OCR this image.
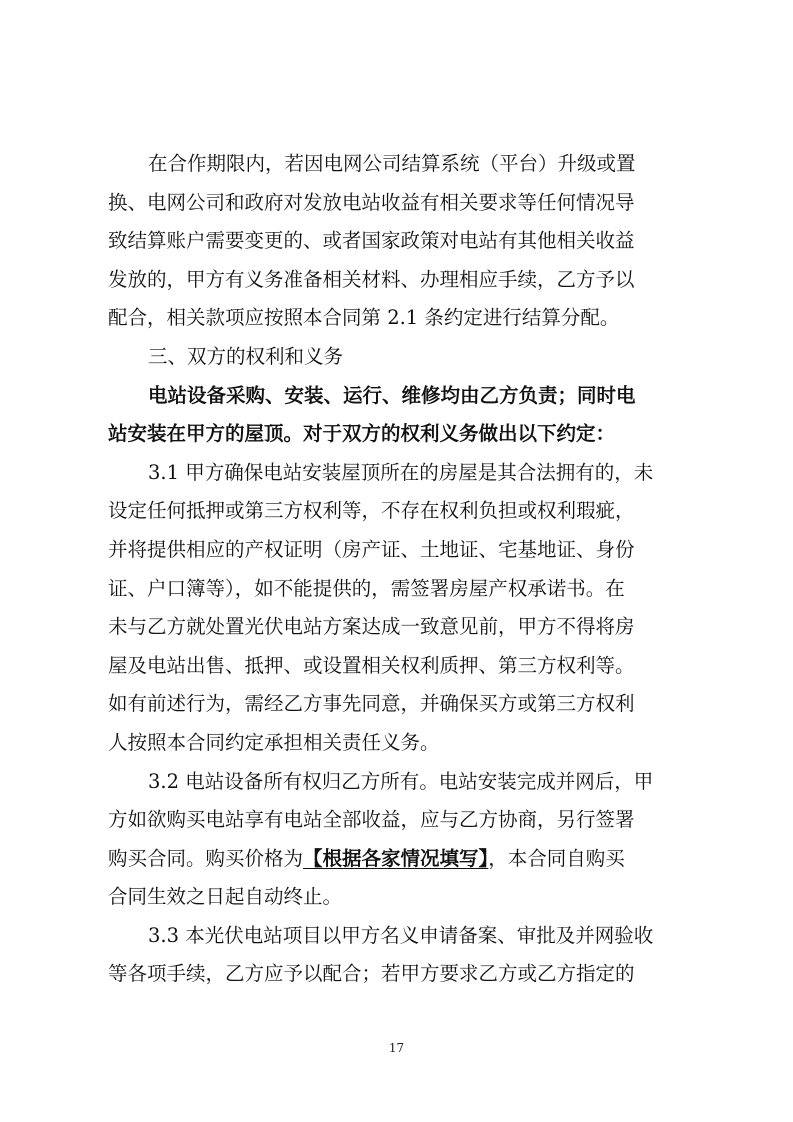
在合作期限内，若因电网公司结算系统（平台）升级或置
换、电网公司和政府对发放电站收益有相关要求等任何情况导
致结算账户需要变更的、或者国家政策对电站有其他相关收益
发放的，甲方有义务准备相关材料、办理相应手续，乙方予以
配合，相关款项应按照本合同第 2.1 条约定进行结算分配。
三、双方的权利和义务
电站设备采购、安装、运行、维修均由乙方负责；同时电
站安装在甲方的屋顶。对于双方的权利义务做出以下约定：
3.1 甲方确保电站安装屋顶所在的房屋是其合法拥有的，未
设定任何抵押或第三方权利等，不存在权利负担或权利瑕疵，
并将提供相应的产权证明（房产证、土地证、宅基地证、身份
证、户口簿等），如不能提供的，需签署房屋产权承诺书。在
未与乙方就处置光伏电站方案达成一致意见前，甲方不得将房
屋及电站出售、抵押、或设置相关权利质押、第三方权利等。
如有前述行为，需经乙方事先同意，并确保买方或第三方权利
人按照本合同约定承担相关责任义务。
3.2 电站设备所有权归乙方所有。电站安装完成并网后，甲
方如欲购买电站享有电站全部收益，应与乙方协商，另行签署
购买合同。购买价格为【根据各家情况填写】，本合同自购买
合同生效之日起自动终止。
3.3 本光伏电站项目以甲方名义申请备案、审批及并网验收
等各项手续，乙方应予以配合；若甲方要求乙方或乙方指定的
17
